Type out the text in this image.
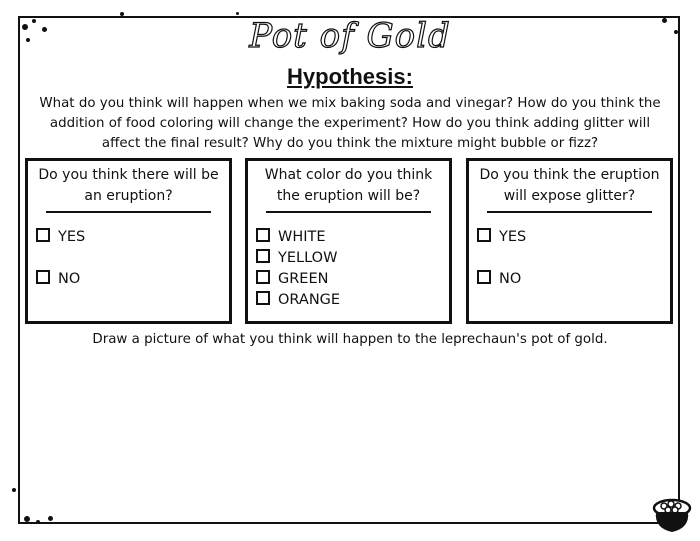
Pot of Gold
Hypothesis:
What do you think will happen when we mix baking soda and vinegar? How do you think the addition of food coloring will change the experiment? How do you think adding glitter will affect the final result? Why do you think the mixture might bubble or fizz?
Do you think there will be an eruption?
YES
NO
What color do you think the eruption will be?
WHITE
YELLOW
GREEN
ORANGE
Do you think the eruption will expose glitter?
YES
NO
Draw a picture of what you think will happen to the leprechaun's pot of gold.
